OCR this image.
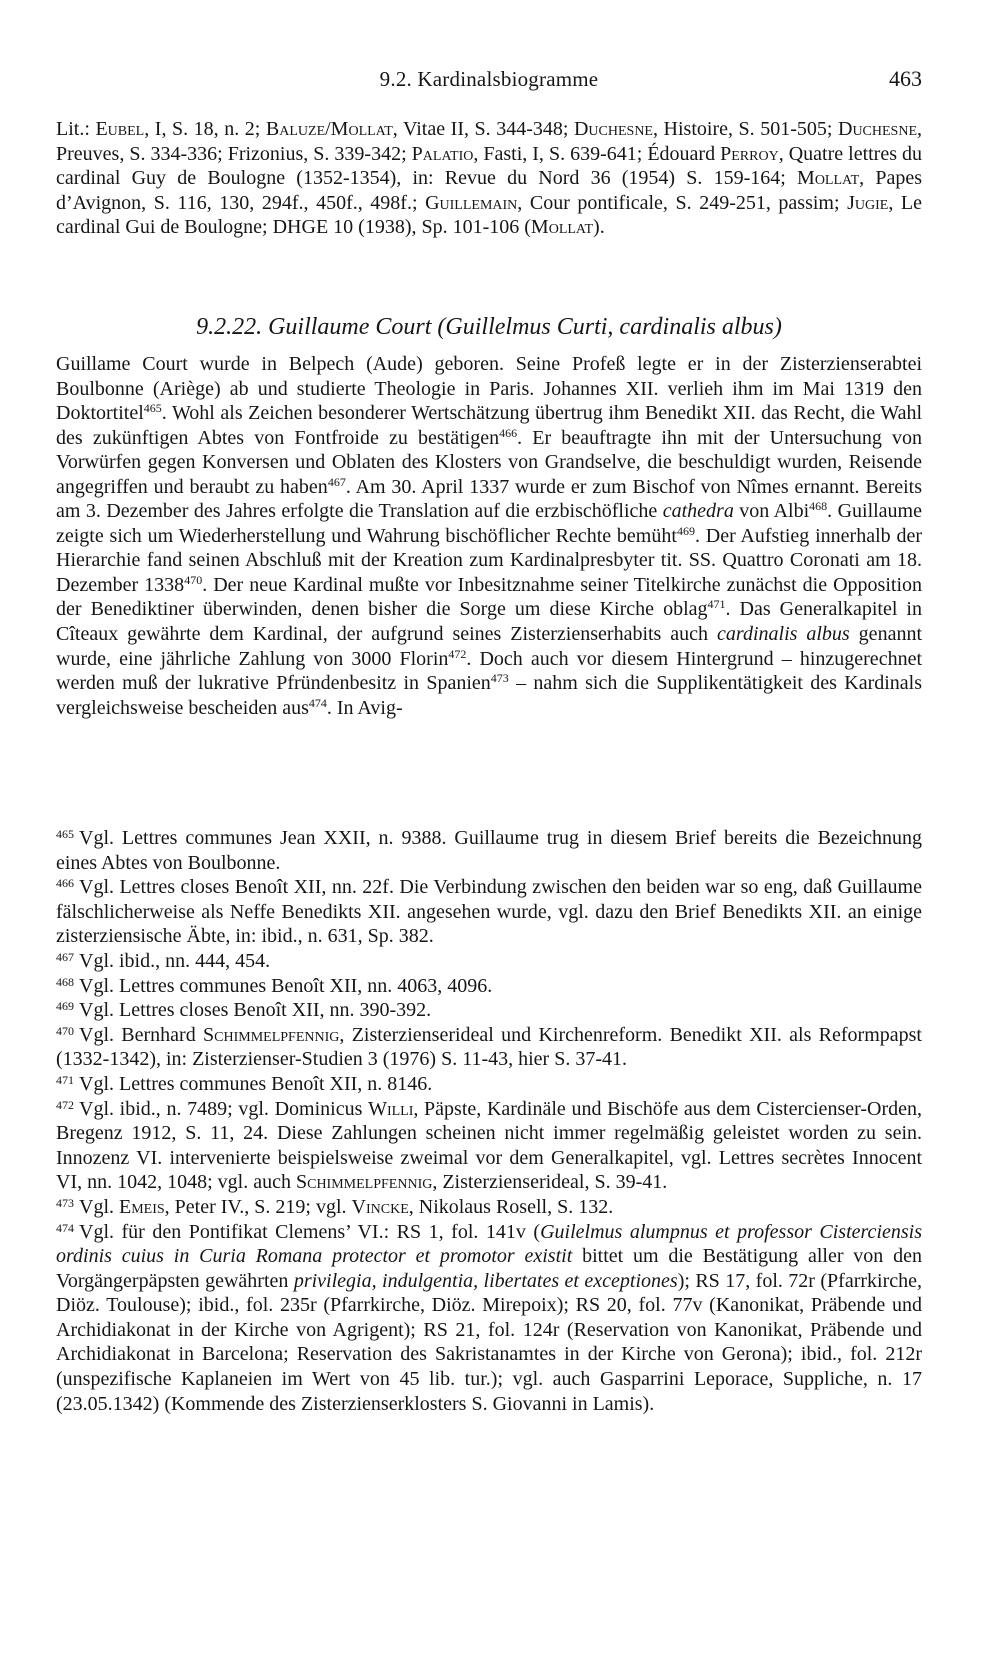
9.2. Kardinalsbiogramme	463

Lit.: Eubel, I, S. 18, n. 2; Baluze/Mollat, Vitae II, S. 344-348; Duchesne, Histoire, S. 501-505; Duchesne, Preuves, S. 334-336; Frizonius, S. 339-342; Palatio, Fasti, I, S. 639-641; Édouard Perroy, Quatre lettres du cardinal Guy de Boulogne (1352-1354), in: Revue du Nord 36 (1954) S. 159-164; Mollat, Papes d’Avignon, S. 116, 130, 294f., 450f., 498f.; Guillemain, Cour pontificale, S. 249-251, passim; Jugie, Le cardinal Gui de Boulogne; DHGE 10 (1938), Sp. 101-106 (Mollat).

9.2.22. Guillaume Court (Guillelmus Curti, cardinalis albus)

Guillame Court wurde in Belpech (Aude) geboren. Seine Profeß legte er in der Zisterzienserabtei Boulbonne (Ariège) ab und studierte Theologie in Paris. Johannes XII. verlieh ihm im Mai 1319 den Doktortitel$^{465}$. Wohl als Zeichen besonderer Wertschätzung übertrug ihm Benedikt XII. das Recht, die Wahl des zukünftigen Abtes von Fontfroide zu bestätigen$^{466}$. Er beauftragte ihn mit der Untersuchung von Vorwürfen gegen Konversen und Oblaten des Klosters von Grandselve, die beschuldigt wurden, Reisende angegriffen und beraubt zu haben$^{467}$. Am 30. April 1337 wurde er zum Bischof von Nîmes ernannt. Bereits am 3. Dezember des Jahres erfolgte die Translation auf die erzbischöfliche cathedra von Albi$^{468}$. Guillaume zeigte sich um Wiederherstellung und Wahrung bischöflicher Rechte bemüht$^{469}$. Der Aufstieg innerhalb der Hierarchie fand seinen Abschluß mit der Kreation zum Kardinalpresbyter tit. SS. Quattro Coronati am 18. Dezember 1338$^{470}$. Der neue Kardinal mußte vor Inbesitznahme seiner Titelkirche zunächst die Opposition der Benediktiner überwinden, denen bisher die Sorge um diese Kirche oblag$^{471}$. Das Generalkapitel in Cîteaux gewährte dem Kardinal, der aufgrund seines Zisterzienserhabits auch cardinalis albus genannt wurde, eine jährliche Zahlung von 3000 Florin$^{472}$. Doch auch vor diesem Hintergrund – hinzugerechnet werden muß der lukrative Pfründenbesitz in Spanien$^{473}$ – nahm sich die Supplikentätigkeit des Kardinals vergleichsweise bescheiden aus$^{474}$. In Avig-

$^{465}$ Vgl. Lettres communes Jean XXII, n. 9388. Guillaume trug in diesem Brief bereits die Bezeichnung eines Abtes von Boulbonne.

$^{466}$ Vgl. Lettres closes Benoît XII, nn. 22f. Die Verbindung zwischen den beiden war so eng, daß Guillaume fälschlicherweise als Neffe Benedikts XII. angesehen wurde, vgl. dazu den Brief Benedikts XII. an einige zisterziensische Äbte, in: ibid., n. 631, Sp. 382.

$^{467}$ Vgl. ibid., nn. 444, 454.

$^{468}$ Vgl. Lettres communes Benoît XII, nn. 4063, 4096.

$^{469}$ Vgl. Lettres closes Benoît XII, nn. 390-392.

$^{470}$ Vgl. Bernhard Schimmelpfennig, Zisterzienserideal und Kirchenreform. Benedikt XII. als Reformpapst (1332-1342), in: Zisterzienser-Studien 3 (1976) S. 11-43, hier S. 37-41.

$^{471}$ Vgl. Lettres communes Benoît XII, n. 8146.

$^{472}$ Vgl. ibid., n. 7489; vgl. Dominicus Willi, Päpste, Kardinäle und Bischöfe aus dem Cistercienser-Orden, Bregenz 1912, S. 11, 24. Diese Zahlungen scheinen nicht immer regelmäßig geleistet worden zu sein. Innozenz VI. intervenierte beispielsweise zweimal vor dem Generalkapitel, vgl. Lettres secrètes Innocent VI, nn. 1042, 1048; vgl. auch Schimmelpfennig, Zisterzienserideal, S. 39-41.

$^{473}$ Vgl. Emeis, Peter IV., S. 219; vgl. Vincke, Nikolaus Rosell, S. 132.

$^{474}$ Vgl. für den Pontifikat Clemens’ VI.: RS 1, fol. 141v (Guilelmus alumpnus et professor Cisterciensis ordinis cuius in Curia Romana protector et promotor existit bittet um die Bestätigung aller von den Vorgängerpäpsten gewährten privilegia, indulgentia, libertates et exceptiones); RS 17, fol. 72r (Pfarrkirche, Diöz. Toulouse); ibid., fol. 235r (Pfarrkirche, Diöz. Mirepoix); RS 20, fol. 77v (Kanonikat, Präbende und Archidiakonat in der Kirche von Agrigent); RS 21, fol. 124r (Reservation von Kanonikat, Präbende und Archidiakonat in Barcelona; Reservation des Sakristanamtes in der Kirche von Gerona); ibid., fol. 212r (unspezifische Kaplaneien im Wert von 45 lib. tur.); vgl. auch Gasparrini Leporace, Suppliche, n. 17 (23.05.1342) (Kommende des Zisterzienserklosters S. Giovanni in Lamis).
